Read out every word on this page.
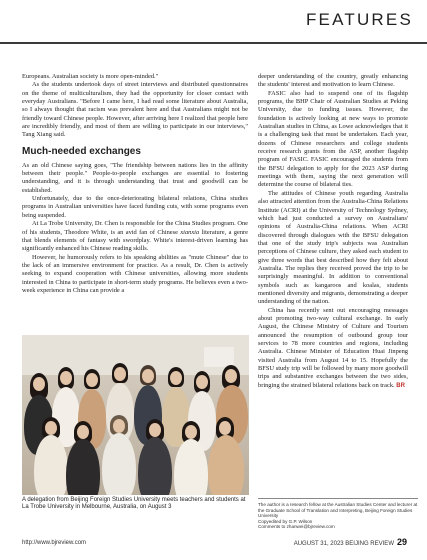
FEATURES

Europeans. Australian society is more open-minded."

As the students undertook days of street interviews and distributed questionnaires on the theme of multiculturalism, they had the opportunity for closer contact with everyday Australians. "Before I came here, I had read some literature about Australia, so I always thought that racism was prevalent here and that Australians might not be friendly toward Chinese people. However, after arriving here I realized that people here are incredibly friendly, and most of them are willing to participate in our interviews," Tang Xiang said.

Much-needed exchanges

As an old Chinese saying goes, "The friendship between nations lies in the affinity between their people." People-to-people exchanges are essential to fostering understanding, and it is through understanding that trust and goodwill can be established.

Unfortunately, due to the once-deteriorating bilateral relations, China studies programs in Australian universities have faced funding cuts, with some programs even being suspended.

At La Trobe University, Dr. Chen is responsible for the China Studies program. One of his students, Theodore White, is an avid fan of Chinese xianxia literature, a genre that blends elements of fantasy with swordplay. White's interest-driven learning has significantly enhanced his Chinese reading skills.

However, he humorously refers to his speaking abilities as "mute Chinese" due to the lack of an immersive environment for practice. As a result, Dr. Chen is actively seeking to expand cooperation with Chinese universities, allowing more students interested in China to participate in short-term study programs. He believes even a two-week experience in China can provide a

deeper understanding of the country, greatly enhancing the students' interest and motivation to learn Chinese.

FASIC also had to suspend one of its flagship programs, the BHP Chair of Australian Studies at Peking University, due to funding issues. However, the foundation is actively looking at new ways to promote Australian studies in China, as Lowe acknowledges that it is a challenging task that must be undertaken. Each year, dozens of Chinese researchers and college students receive research grants from the ASP, another flagship program of FASIC. FASIC encouraged the students from the BFSU delegation to apply for the 2023 ASP during meetings with them, saying the next generation will determine the course of bilateral ties.

The attitudes of Chinese youth regarding Australia also attracted attention from the Australia-China Relations Institute (ACRI) at the University of Technology Sydney, which had just conducted a survey on Australians' opinions of Australia-China relations. When ACRI discovered through dialogues with the BFSU delegation that one of the study trip's subjects was Australian perceptions of Chinese culture, they asked each student to give three words that best described how they felt about Australia. The replies they received proved the trip to be surprisingly meaningful. In addition to conventional symbols such as kangaroos and koalas, students mentioned diversity and migrants, demonstrating a deeper understanding of the nation.

China has recently sent out encouraging messages about promoting two-way cultural exchange. In early August, the Chinese Ministry of Culture and Tourism announced the resumption of outbound group tour services to 78 more countries and regions, including Australia. Chinese Minister of Education Huai Jinpeng visited Australia from August 14 to 15. Hopefully the BFSU study trip will be followed by many more goodwill trips and substantive exchanges between the two sides, bringing the strained bilateral relations back on track. BR

A delegation from Beijing Foreign Studies University meets teachers and students at La Trobe University in Melbourne, Australia, on August 3	The author is a research fellow at the Australian Studies Center and lecturer at the Graduate School of Translation and Interpreting, Beijing Foreign Studies University
Copyedited by G.P. Wilson
Comments to zhanwei@bjreview.com
http://www.bjreview.com	AUGUST 31, 2023 BEIJING REVIEW 29
